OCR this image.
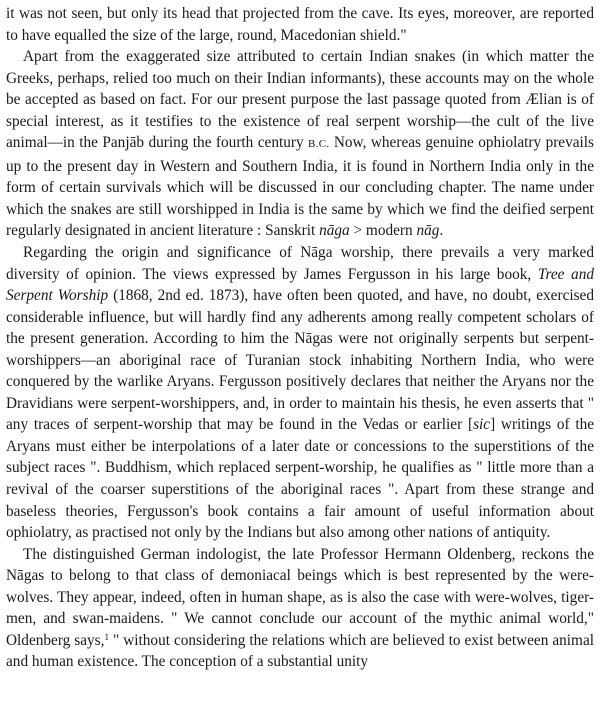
it was not seen, but only its head that projected from the cave. Its eyes, moreover, are reported to have equalled the size of the large, round, Macedonian shield."

Apart from the exaggerated size attributed to certain Indian snakes (in which matter the Greeks, perhaps, relied too much on their Indian informants), these accounts may on the whole be accepted as based on fact. For our present purpose the last passage quoted from Ælian is of special interest, as it testifies to the existence of real serpent worship—the cult of the live animal—in the Panjāb during the fourth century B.C. Now, whereas genuine ophiolatry prevails up to the present day in Western and Southern India, it is found in Northern India only in the form of certain survivals which will be discussed in our concluding chapter. The name under which the snakes are still worshipped in India is the same by which we find the deified serpent regularly designated in ancient literature : Sanskrit nāga > modern nāg.

Regarding the origin and significance of Nāga worship, there prevails a very marked diversity of opinion. The views expressed by James Fergusson in his large book, Tree and Serpent Worship (1868, 2nd ed. 1873), have often been quoted, and have, no doubt, exercised considerable influence, but will hardly find any adherents among really competent scholars of the present generation. According to him the Nāgas were not originally serpents but serpent-worshippers—an aboriginal race of Turanian stock inhabiting Northern India, who were conquered by the warlike Aryans. Fergusson positively declares that neither the Aryans nor the Dravidians were serpent-worshippers, and, in order to maintain his thesis, he even asserts that " any traces of serpent-worship that may be found in the Vedas or earlier [sic] writings of the Aryans must either be interpolations of a later date or concessions to the superstitions of the subject races ". Buddhism, which replaced serpent-worship, he qualifies as " little more than a revival of the coarser superstitions of the aboriginal races ". Apart from these strange and baseless theories, Fergusson's book contains a fair amount of useful information about ophiolatry, as practised not only by the Indians but also among other nations of antiquity.

The distinguished German indologist, the late Professor Hermann Oldenberg, reckons the Nāgas to belong to that class of demoniacal beings which is best represented by the were-wolves. They appear, indeed, often in human shape, as is also the case with were-wolves, tiger-men, and swan-maidens. " We cannot conclude our account of the mythic animal world," Oldenberg says,$^1$ " without considering the relations which are believed to exist between animal and human existence. The conception of a substantial unity
